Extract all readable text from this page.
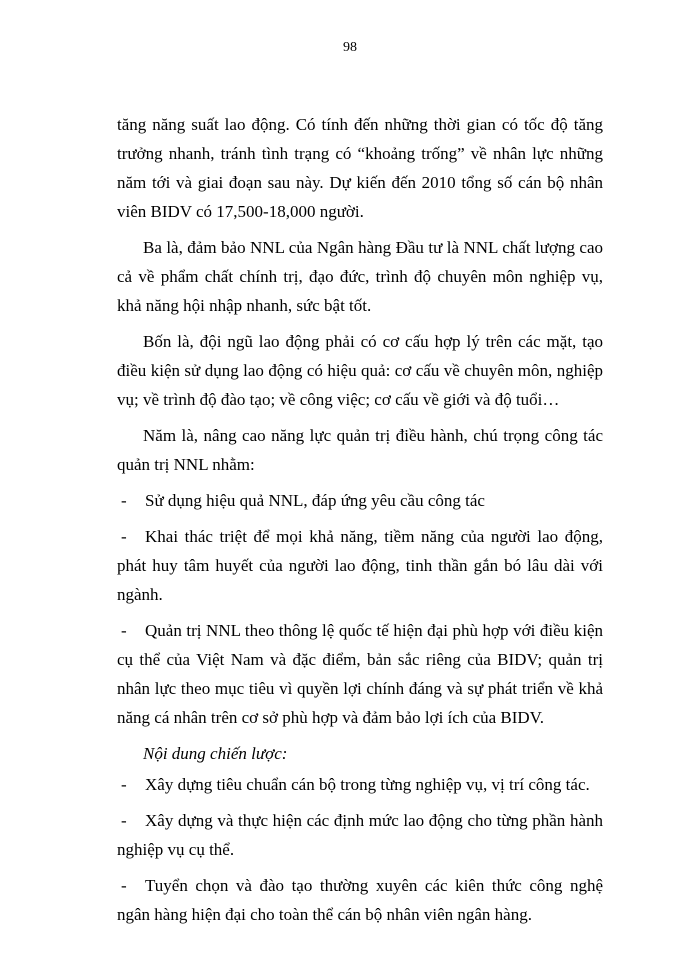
98

tăng năng suất lao động. Có tính đến những thời gian có tốc độ tăng trưởng nhanh, tránh tình trạng có “khoảng trống” về nhân lực những năm tới và giai đoạn sau này. Dự kiến đến 2010 tổng số cán bộ nhân viên BIDV có 17,500-18,000 người.

Ba là, đảm bảo NNL của Ngân hàng Đầu tư là NNL chất lượng cao cả về phẩm chất chính trị, đạo đức, trình độ chuyên môn nghiệp vụ, khả năng hội nhập nhanh, sức bật tốt.

Bốn là, đội ngũ lao động phải có cơ cấu hợp lý trên các mặt, tạo điều kiện sử dụng lao động có hiệu quả: cơ cấu về chuyên môn, nghiệp vụ; về trình độ đào tạo; về công việc; cơ cấu về giới và độ tuổi…

Năm là, nâng cao năng lực quản trị điều hành, chú trọng công tác quản trị NNL nhằm:

- Sử dụng hiệu quả NNL, đáp ứng yêu cầu công tác

- Khai thác triệt để mọi khả năng, tiềm năng của người lao động, phát huy tâm huyết của người lao động, tinh thần gắn bó lâu dài với ngành.

- Quản trị NNL theo thông lệ quốc tế hiện đại phù hợp với điều kiện cụ thể của Việt Nam và đặc điểm, bản sắc riêng của BIDV; quản trị nhân lực theo mục tiêu vì quyền lợi chính đáng và sự phát triển về khả năng cá nhân trên cơ sở phù hợp và đảm bảo lợi ích của BIDV.

Nội dung chiến lược:

- Xây dựng tiêu chuẩn cán bộ trong từng nghiệp vụ, vị trí công tác.

- Xây dựng và thực hiện các định mức lao động cho từng phần hành nghiệp vụ cụ thể.

- Tuyển chọn và đào tạo thường xuyên các kiên thức công nghệ ngân hàng hiện đại cho toàn thể cán bộ nhân viên ngân hàng.
